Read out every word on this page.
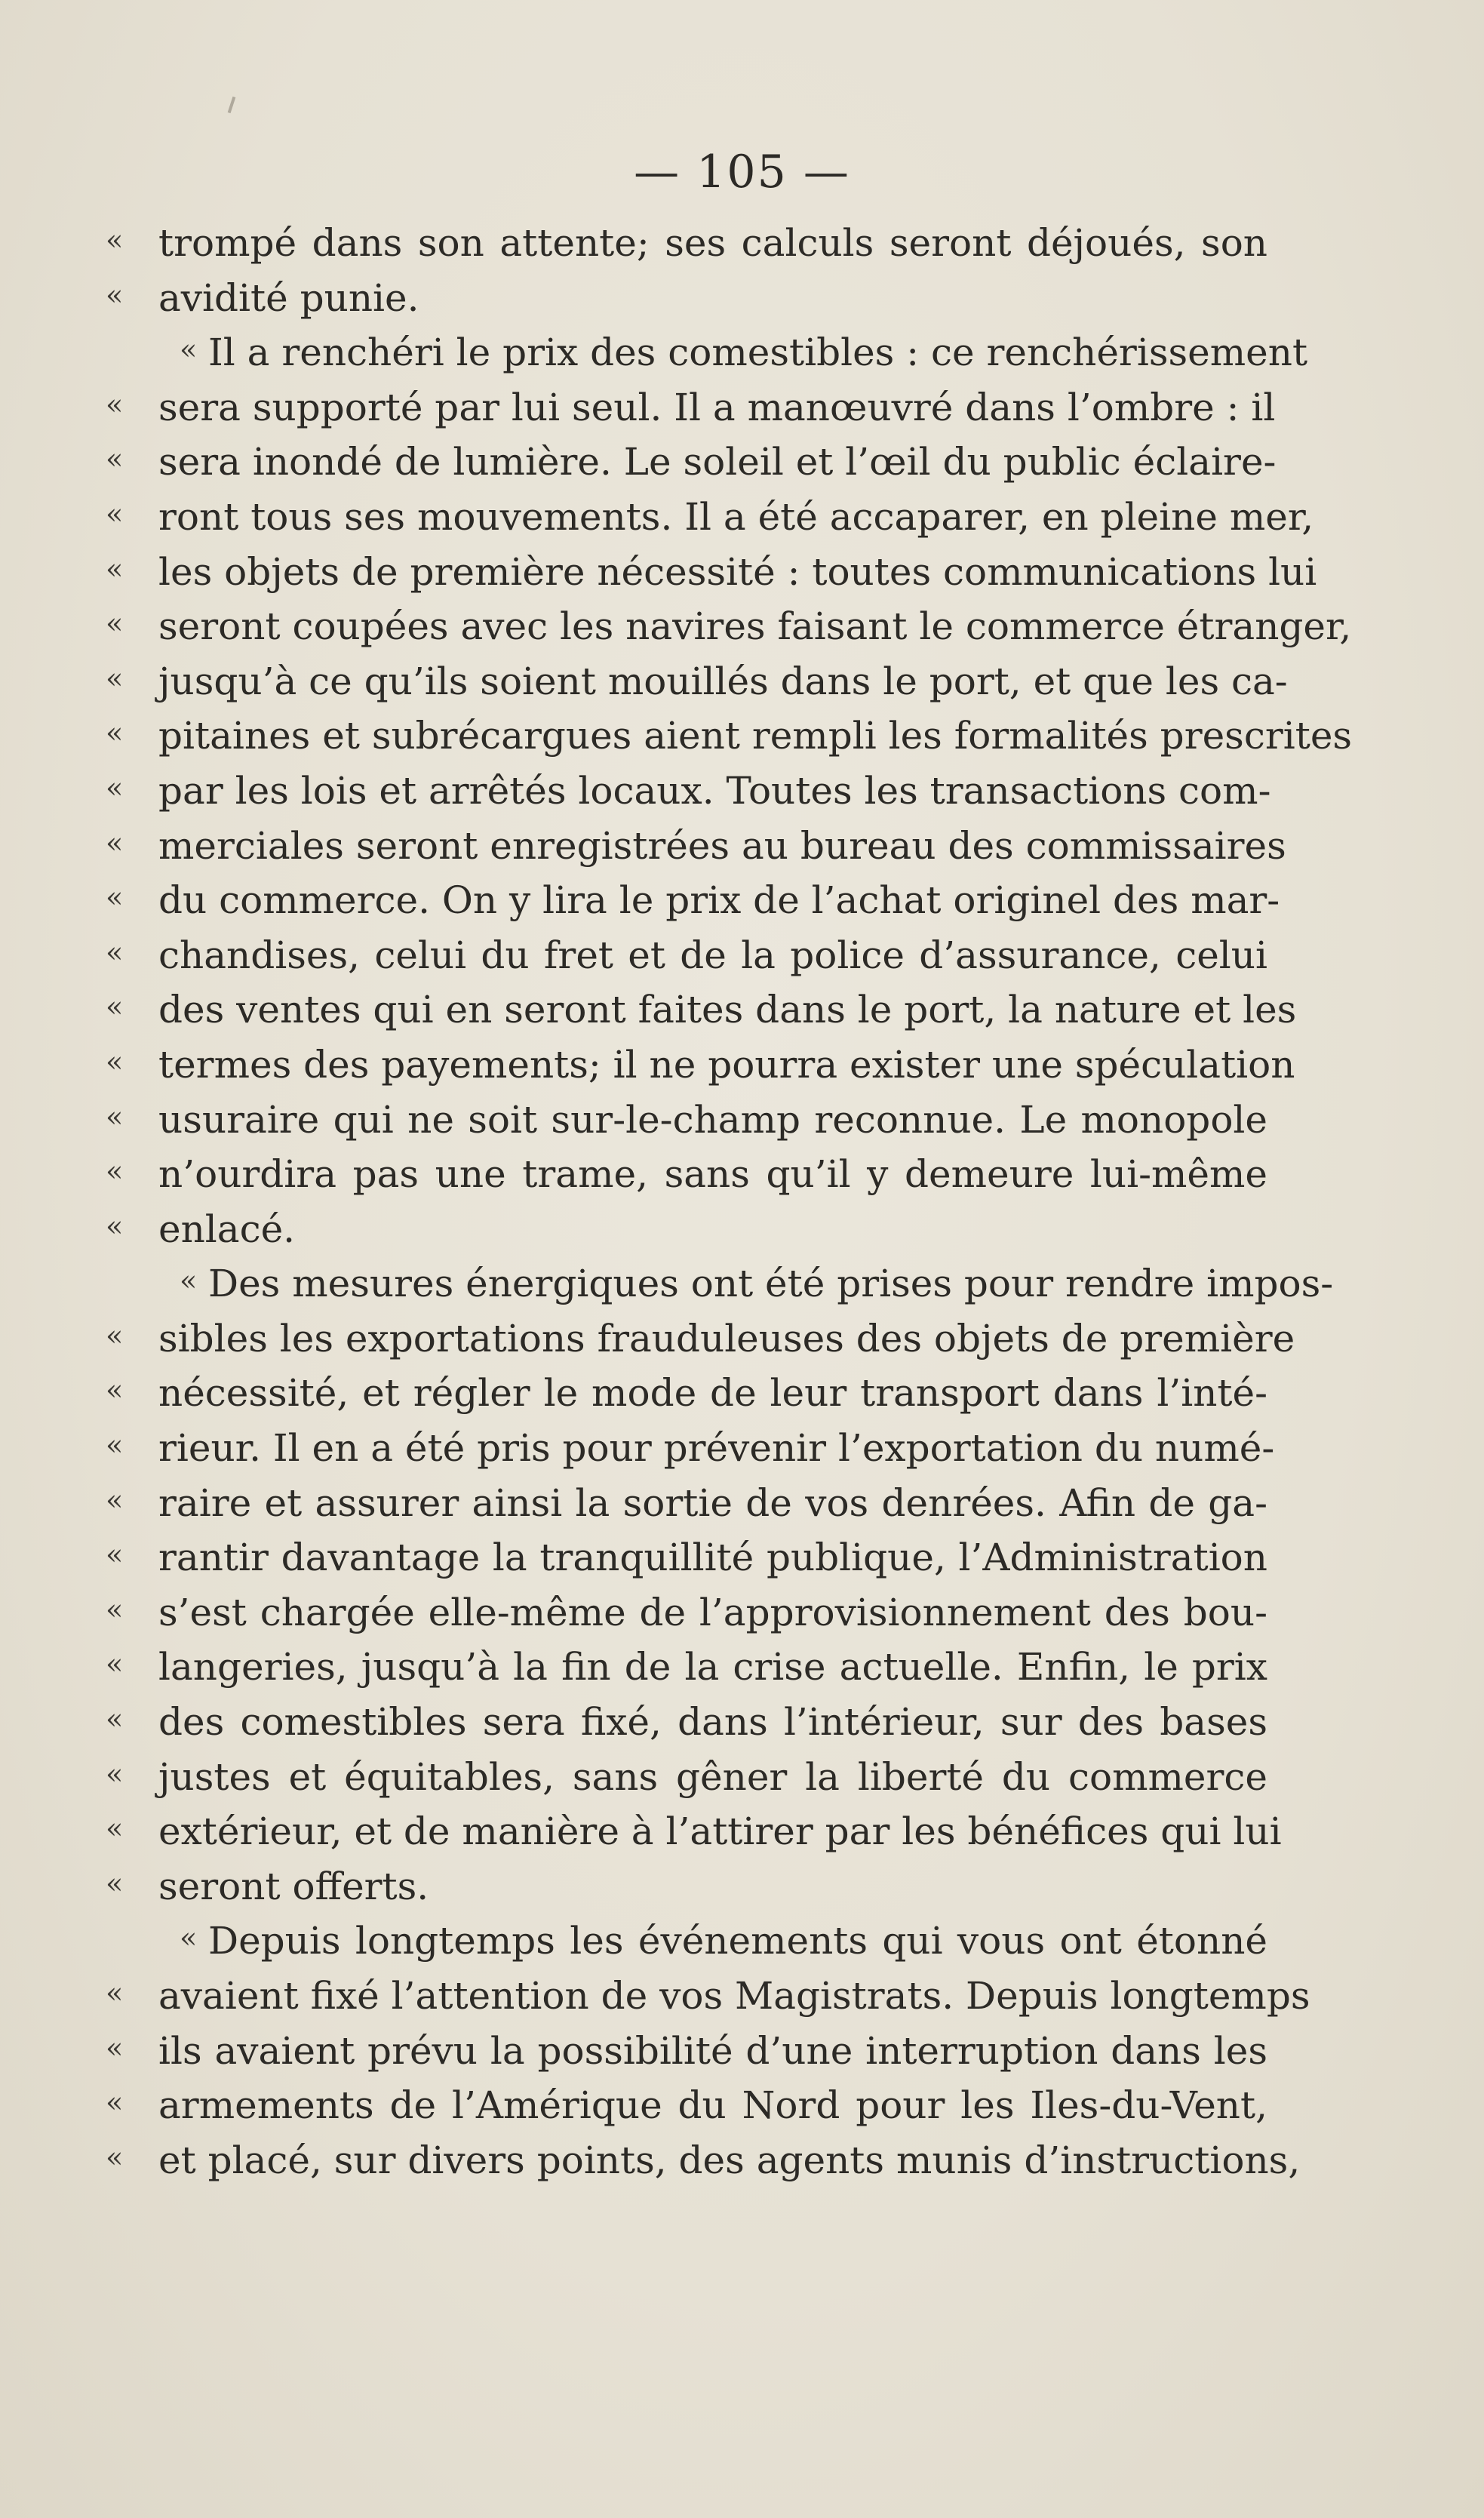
— 105 —
« trompé dans son attente; ses calculs seront déjoués, son
« avidité punie.
« Il a renchéri le prix des comestibles : ce renchérissement
« sera supporté par lui seul. Il a manœuvré dans l’ombre : il
« sera inondé de lumière. Le soleil et l’œil du public éclaire-
« ront tous ses mouvements. Il a été accaparer, en pleine mer,
« les objets de première nécessité : toutes communications lui
« seront coupées avec les navires faisant le commerce étranger,
« jusqu’à ce qu’ils soient mouillés dans le port, et que les ca-
« pitaines et subrécargues aient rempli les formalités prescrites
« par les lois et arrêtés locaux. Toutes les transactions com-
« merciales seront enregistrées au bureau des commissaires
« du commerce. On y lira le prix de l’achat originel des mar-
« chandises, celui du fret et de la police d’assurance, celui
« des ventes qui en seront faites dans le port, la nature et les
« termes des payements; il ne pourra exister une spéculation
« usuraire qui ne soit sur-le-champ reconnue. Le monopole
« n’ourdira pas une trame, sans qu’il y demeure lui-même
« enlacé.
« Des mesures énergiques ont été prises pour rendre impos-
« sibles les exportations frauduleuses des objets de première
« nécessité, et régler le mode de leur transport dans l’inté-
« rieur. Il en a été pris pour prévenir l’exportation du numé-
« raire et assurer ainsi la sortie de vos denrées. Afin de ga-
« rantir davantage la tranquillité publique, l’Administration
« s’est chargée elle-même de l’approvisionnement des bou-
« langeries, jusqu’à la fin de la crise actuelle. Enfin, le prix
« des comestibles sera fixé, dans l’intérieur, sur des bases
« justes et équitables, sans gêner la liberté du commerce
« extérieur, et de manière à l’attirer par les bénéfices qui lui
« seront offerts.
« Depuis longtemps les événements qui vous ont étonné
« avaient fixé l’attention de vos Magistrats. Depuis longtemps
« ils avaient prévu la possibilité d’une interruption dans les
« armements de l’Amérique du Nord pour les Iles-du-Vent,
« et placé, sur divers points, des agents munis d’instructions,
